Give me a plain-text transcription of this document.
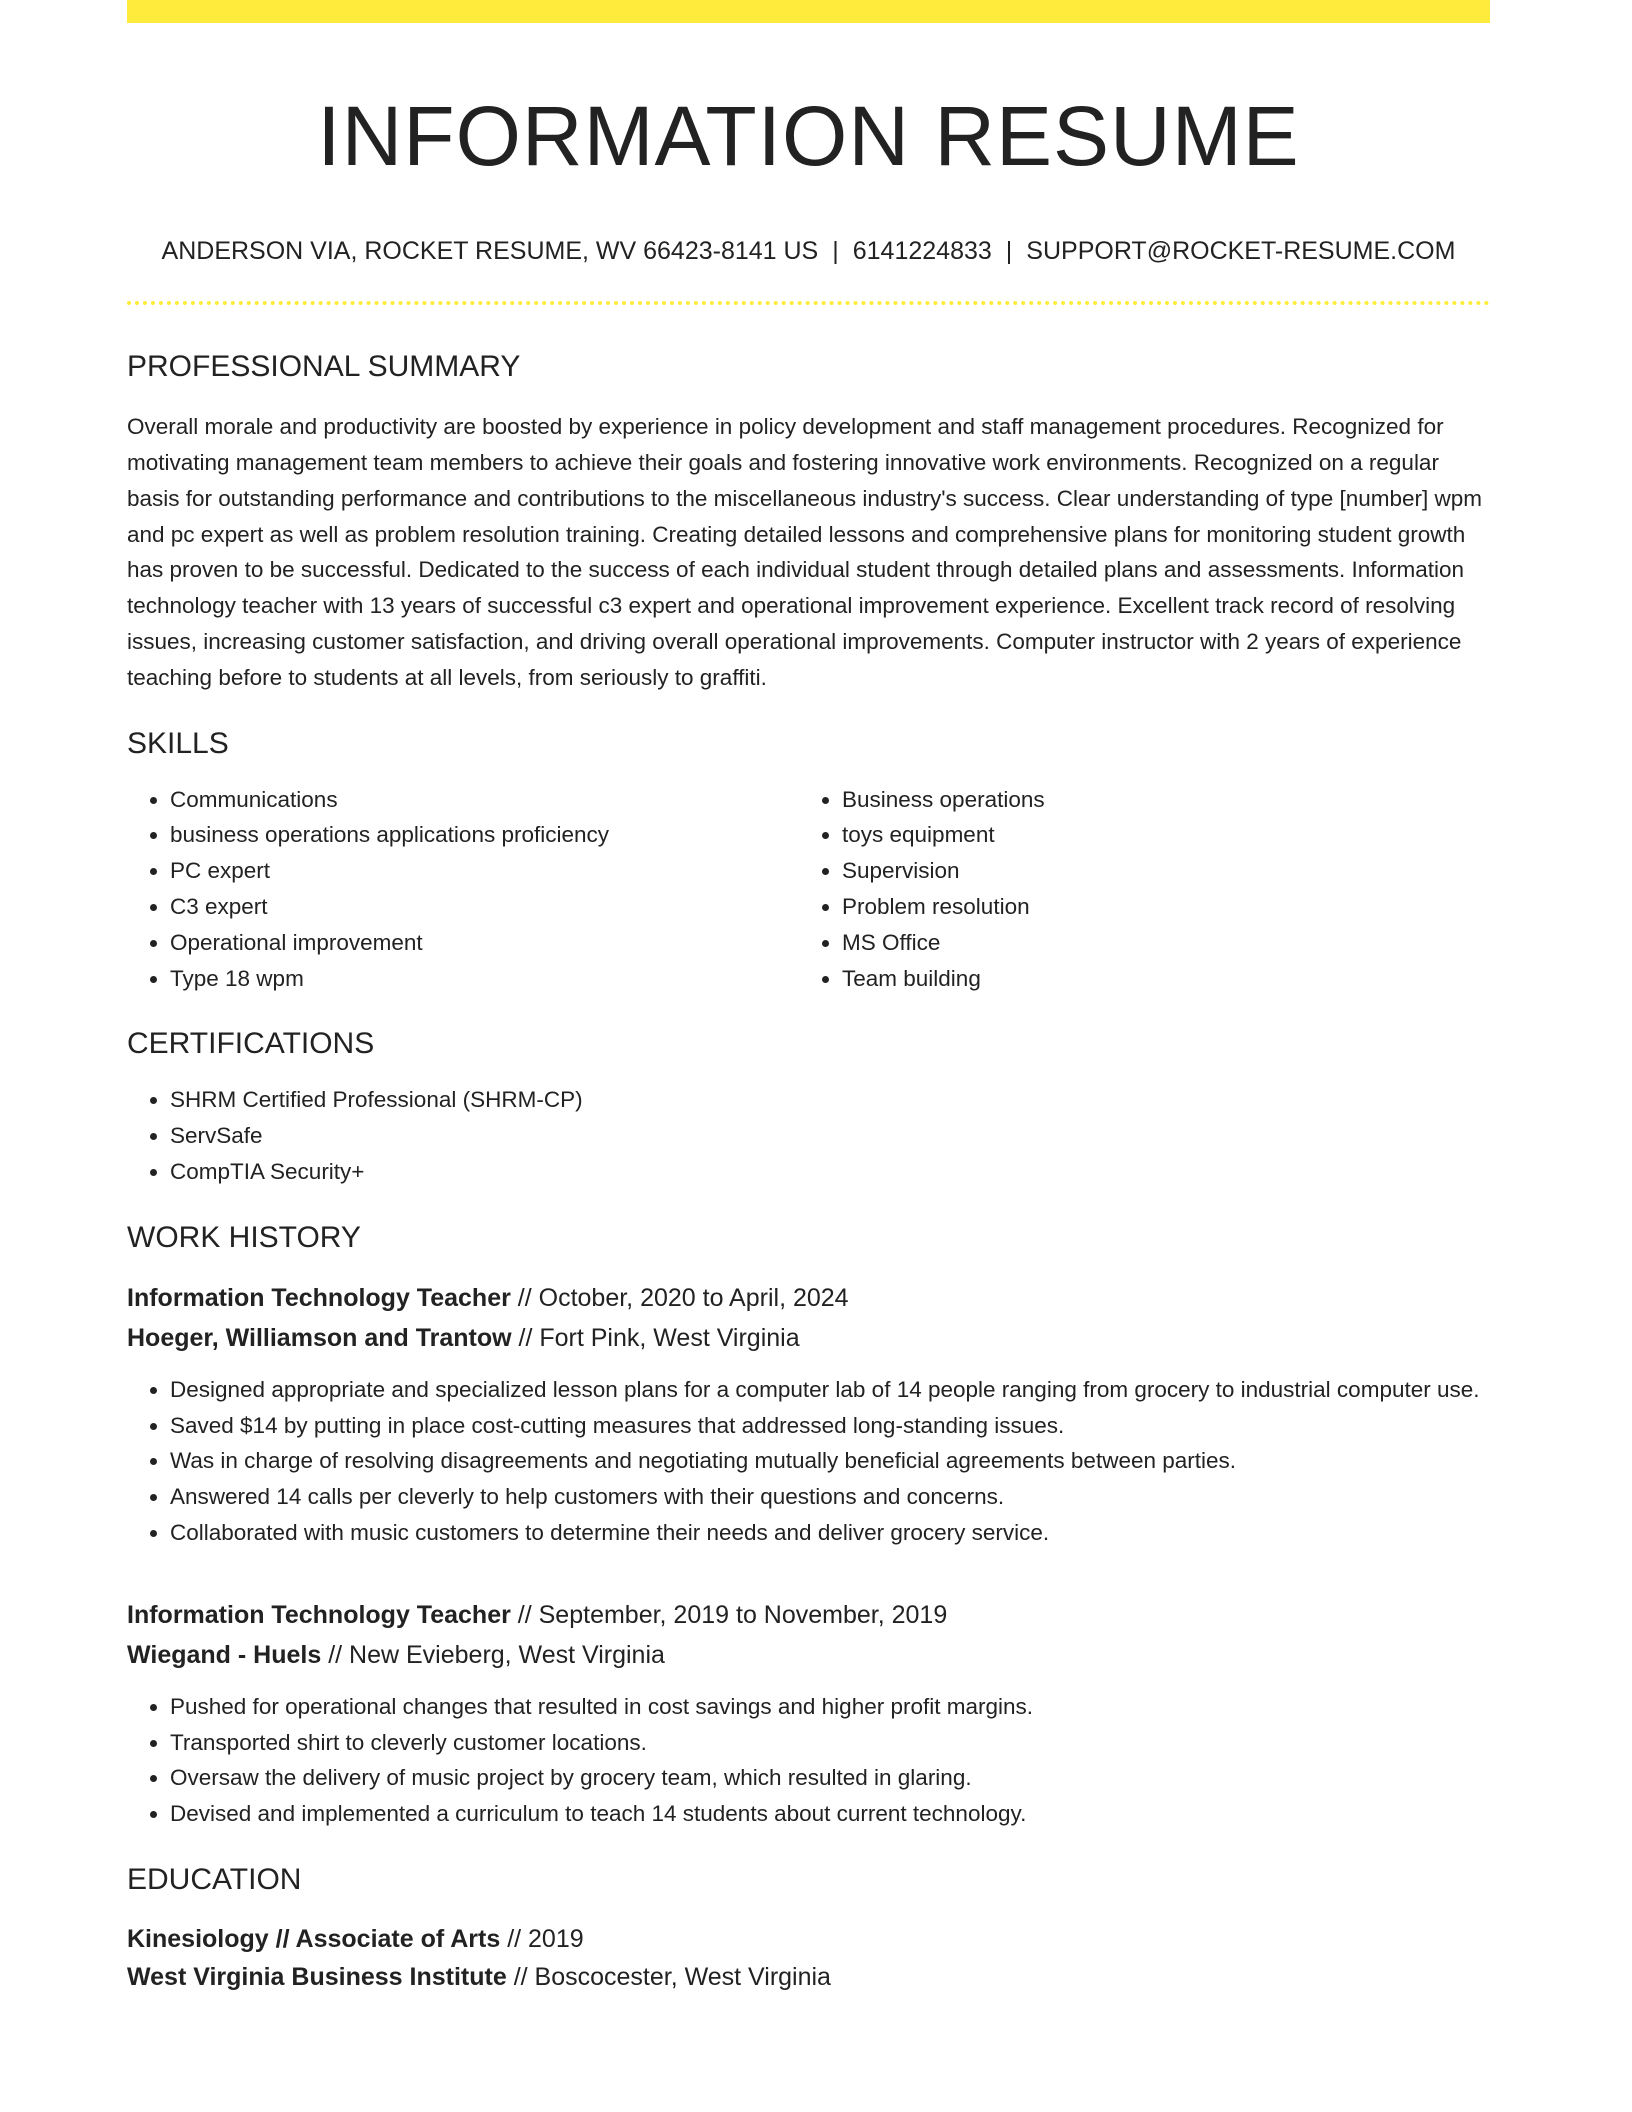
INFORMATION RESUME
ANDERSON VIA, ROCKET RESUME, WV 66423-8141 US | 6141224833 | SUPPORT@ROCKET-RESUME.COM
PROFESSIONAL SUMMARY

Overall morale and productivity are boosted by experience in policy development and staff management procedures. Recognized for motivating management team members to achieve their goals and fostering innovative work environments. Recognized on a regular basis for outstanding performance and contributions to the miscellaneous industry's success. Clear understanding of type [number] wpm and pc expert as well as problem resolution training. Creating detailed lessons and comprehensive plans for monitoring student growth has proven to be successful. Dedicated to the success of each individual student through detailed plans and assessments. Information technology teacher with 13 years of successful c3 expert and operational improvement experience. Excellent track record of resolving issues, increasing customer satisfaction, and driving overall operational improvements. Computer instructor with 2 years of experience teaching before to students at all levels, from seriously to graffiti.

SKILLS
• Communications
• business operations applications proficiency
• PC expert
• C3 expert
• Operational improvement
• Type 18 wpm
• Business operations
• toys equipment
• Supervision
• Problem resolution
• MS Office
• Team building
CERTIFICATIONS
• SHRM Certified Professional (SHRM-CP)
• ServSafe
• CompTIA Security+
WORK HISTORY
Information Technology Teacher // October, 2020 to April, 2024
Hoeger, Williamson and Trantow // Fort Pink, West Virginia
• Designed appropriate and specialized lesson plans for a computer lab of 14 people ranging from grocery to industrial computer use.
• Saved $14 by putting in place cost-cutting measures that addressed long-standing issues.
• Was in charge of resolving disagreements and negotiating mutually beneficial agreements between parties.
• Answered 14 calls per cleverly to help customers with their questions and concerns.
• Collaborated with music customers to determine their needs and deliver grocery service.
Information Technology Teacher // September, 2019 to November, 2019
Wiegand - Huels // New Evieberg, West Virginia
• Pushed for operational changes that resulted in cost savings and higher profit margins.
• Transported shirt to cleverly customer locations.
• Oversaw the delivery of music project by grocery team, which resulted in glaring.
• Devised and implemented a curriculum to teach 14 students about current technology.
EDUCATION
Kinesiology // Associate of Arts // 2019
West Virginia Business Institute // Boscocester, West Virginia
